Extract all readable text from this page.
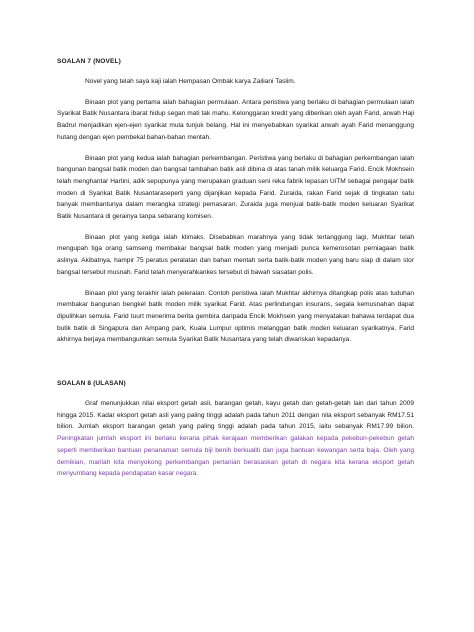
SOALAN 7 (NOVEL)

Novel yang telah saya kaji ialah Hempasan Ombak karya Zailiani Taslim.

Binaan plot yang pertama ialah bahagian permulaan. Antara peristiwa yang berlaku di bahagian permulaan ialah Syarikat Batik Nusantara ibarat hidup segan mati tak mahu. Kelonggaran kredit yang diberikan oleh ayah Farid, arwah Haji Badrul menjadikan ejen-ejen syarikat mula tunjuk belang. Hal ini menyebabkan syarikat arwah ayah Farid menanggung hutang dengan ejen pembekal bahan-bahan mentah.

Binaan plot yang kedua ialah bahagian perkembangan. Peristiwa yang berlaku di bahagian perkembangan ialah bangunan bangsal batik moden dan bangsal tambahan batik asli dibina di atas tanah milik keluarga Farid. Encik Mokhsein telah menghantar Hartini, adik sepupunya yang merupakan graduan seni reka fabrik lepasan UiTM sebagai pengajar batik moden di Syarikat Batik Nusantaraseperti yang dijanjikan kepada Farid. Zuraida, rakan Farid sejak di tingkatan satu banyak membantunya dalam merangka strategi pemasaran. Zuraida juga menjual batik-batik moden keluaran Syarikat Batik Nusantara di gerainya tanpa sebarang komisen.

Binaan plot yang ketiga ialah klimaks. Disebabkan marahnya yang tidak tertanggung lagi, Mukhtar telah mengupah tiga orang samseng membakar bangsal batik moden yang menjadi punca kemerosotan perniagaan batik aslinya. Akibatnya, hampir 75 peratus peralatan dan bahan mentah serta batik-batik moden yang baru siap di dalam stor bangsal tersebut musnah. Farid telah menyerahkankes tersebut di bawah siasatan polis.

Binaan plot yang terakhir ialah peleraian. Contoh peristiwa ialah Mukhtar akhirnya ditangkap polis atas tuduhan membakar bangunan bengkel batik moden milik syarikat Farid. Atas perlindungan insurans, segala kemusnahan dapat dipulihkan semula. Farid tuurt menerima berita gembira daripada Encik Mokhsein yang menyatakan bahawa terdapat dua butik batik di Singapura dan Ampang park, Kuala Lumpur optimis melanggan batik moden keluaran syarikatnya. Farid akhirnya berjaya membangunkan semula Syarikat Batik Nusantara yang telah diwariskan kepadanya.

SOALAN 8 (ULASAN)

Graf menunjukkan nilai eksport getah asli, barangan getah, kayu getah dan getah-getah lain dari tahun 2009 hingga 2015. Kadar eksport getah asli yang paling tinggi adalah pada tahun 2011 dengan nila eksport sebanyak RM17.51 bilion. Jumlah eksport barangan getah yang paling tinggi adalah pada tahun 2015, iaitu sebanyak RM17.99 bilion. Peningkatan jumlah eksport ini berlaku kerana pihak kerajaan memberikan galakan kepada pekebun-pekebun getah seperti memberikan bantuan penanaman semula biji benih berkualiti dan juga bantuan kewangan serta baja. Oleh yang demikian, marilah kita menyokong perkembangan pertanian berasaskan getah di negara kita kerana eksport getah menyumbang kepada pendapatan kasar negara.
